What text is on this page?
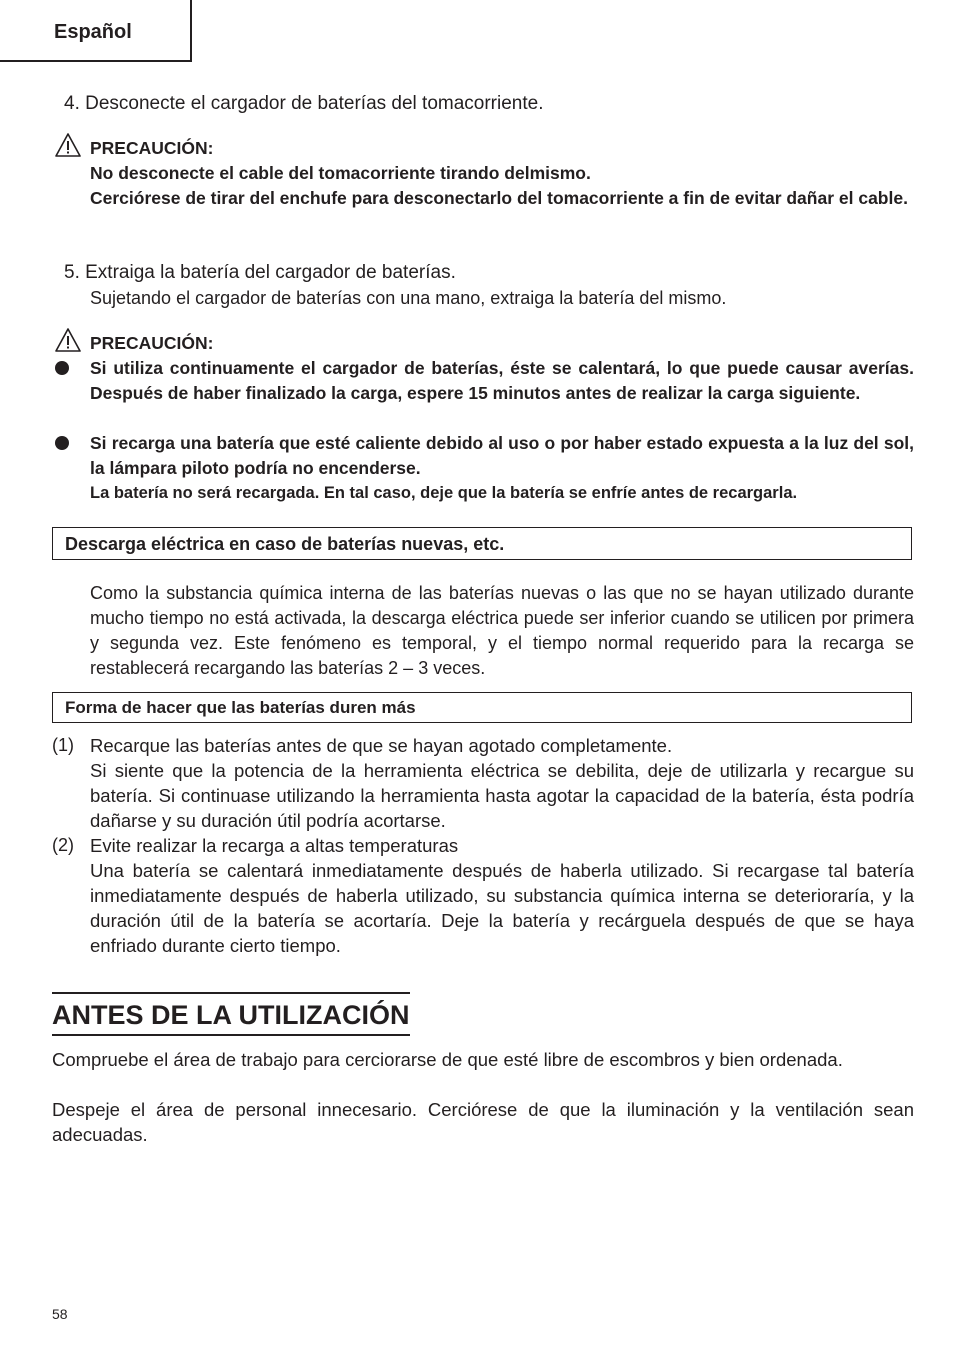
Español
4. Desconecte el cargador de baterías del tomacorriente.
PRECAUCIÓN:
No desconecte el cable del tomacorriente tirando delmismo.
Cerciórese de tirar del enchufe para desconectarlo del tomacorriente a fin de evitar dañar el cable.
5. Extraiga la batería del cargador de baterías.
Sujetando el cargador de baterías con una mano, extraiga la batería del mismo.
PRECAUCIÓN:
Si utiliza continuamente el cargador de baterías, éste se calentará, lo que puede causar averías. Después de haber finalizado la carga, espere 15 minutos antes de realizar la carga siguiente.
Si recarga una batería que esté caliente debido al uso o por haber estado expuesta a la luz del sol, la lámpara piloto podría no encenderse.
La batería no será recargada. En tal caso, deje que la batería se enfríe antes de recargarla.
Descarga eléctrica en caso de baterías nuevas, etc.
Como la substancia química interna de las baterías nuevas o las que no se hayan utilizado durante mucho tiempo no está activada, la descarga eléctrica puede ser inferior cuando se utilicen por primera y segunda vez. Este fenómeno es temporal, y el tiempo normal requerido para la recarga se restablecerá recargando las baterías 2 – 3 veces.
Forma de hacer que las baterías duren más
(1) Recarque las baterías antes de que se hayan agotado completamente.
Si siente que la potencia de la herramienta eléctrica se debilita, deje de utilizarla y recargue su batería. Si continuase utilizando la herramienta hasta agotar la capacidad de la batería, ésta podría dañarse y su duración útil podría acortarse.
(2) Evite realizar la recarga a altas temperaturas
Una batería se calentará inmediatamente después de haberla utilizado. Si recargase tal batería inmediatamente después de haberla utilizado, su substancia química interna se deterioraría, y la duración útil de la batería se acortaría. Deje la batería y recárguela después de que se haya enfriado durante cierto tiempo.
ANTES DE LA UTILIZACIÓN
Compruebe el área de trabajo para cerciorarse de que esté libre de escombros y bien ordenada.
Despeje el área de personal innecesario. Cerciórese de que la iluminación y la ventilación sean adecuadas.
58
